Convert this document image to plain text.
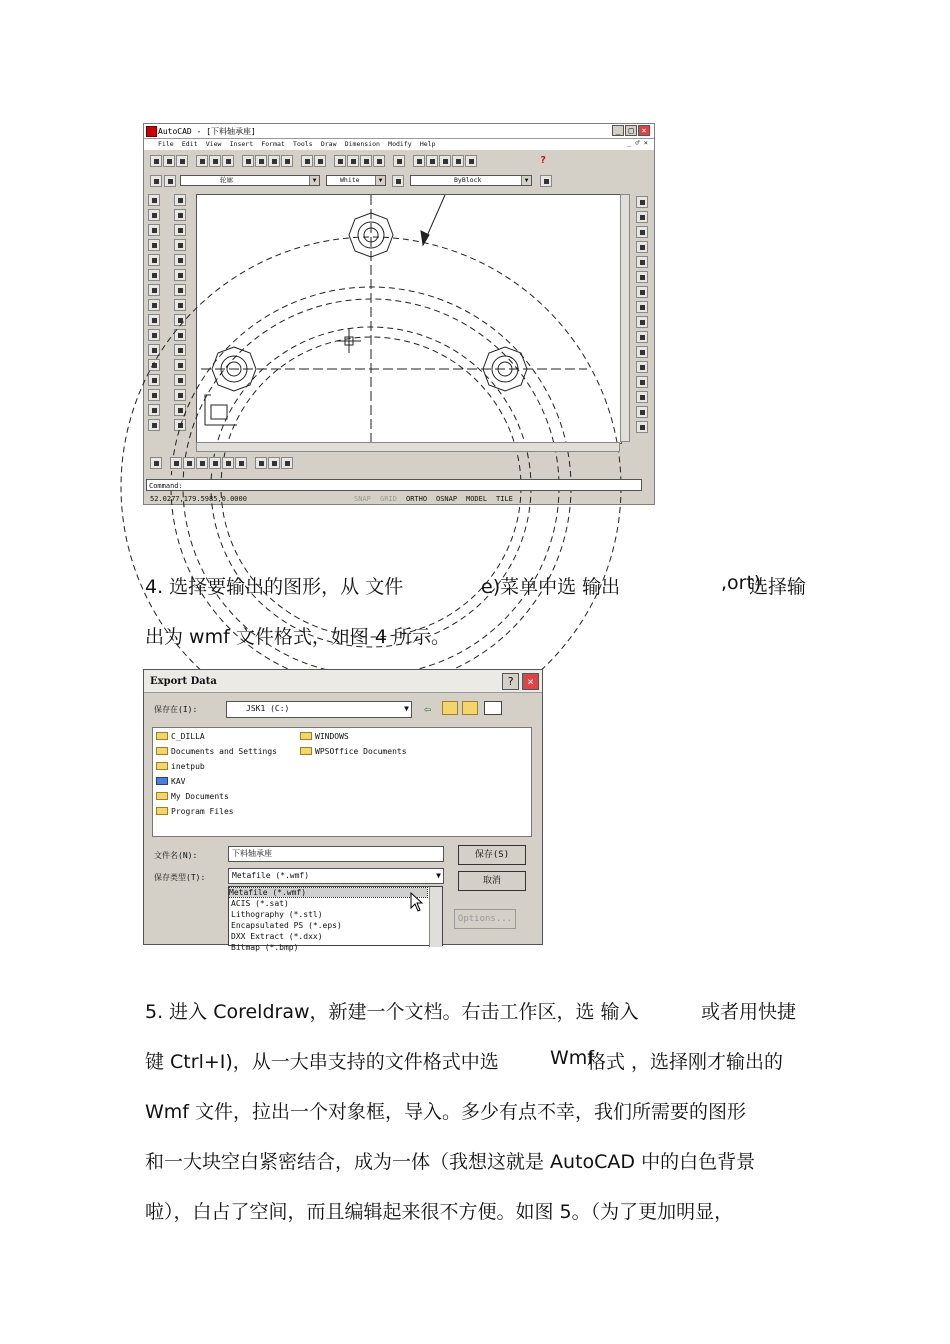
AutoCAD - [下料轴承座]	_	□	×
File Edit View Insert Format Tools Draw Dimension Modify Help	_ ♂ ×
?
轮廓	▼	White	▼	ByBlock	▼
Command:
52.0277,179.5985,0.0000	SNAP GRID ORTHO OSNAP MODEL TILE
4. 选择要输出的图形，从 文件	e)菜单中选 输出	,ort)
选择输
出为 wmf 文件格式，如图 4 所示。
Export Data	?	×
保存在(I):	JSK1 (C:)	▼ ⇦
C_DILLA
Documents and Settings
inetpub
KAV
My Documents
Program Files
WINDOWS
WPSOffice Documents
文件名(N):	下料轴承座
保存类型(T):	Metafile (*.wmf)	▼
保存(S)
取消
Options...
Metafile (*.wmf)
ACIS (*.sat)
Lithography (*.stl)
Encapsulated PS (*.eps)
DXX Extract (*.dxx)
Bitmap (*.bmp)
5. 进入 Coreldraw，新建一个文档。右击工作区，选 输入	或者用快捷
键 Ctrl+I)，从一大串支持的文件格式中选	Wmf
格式 ，选择刚才输出的
Wmf 文件，拉出一个对象框，导入。多少有点不幸，我们所需要的图形
和一大块空白紧密结合，成为一体（我想这就是 AutoCAD 中的白色背景
啦），白占了空间，而且编辑起来很不方便。如图 5。（为了更加明显，
